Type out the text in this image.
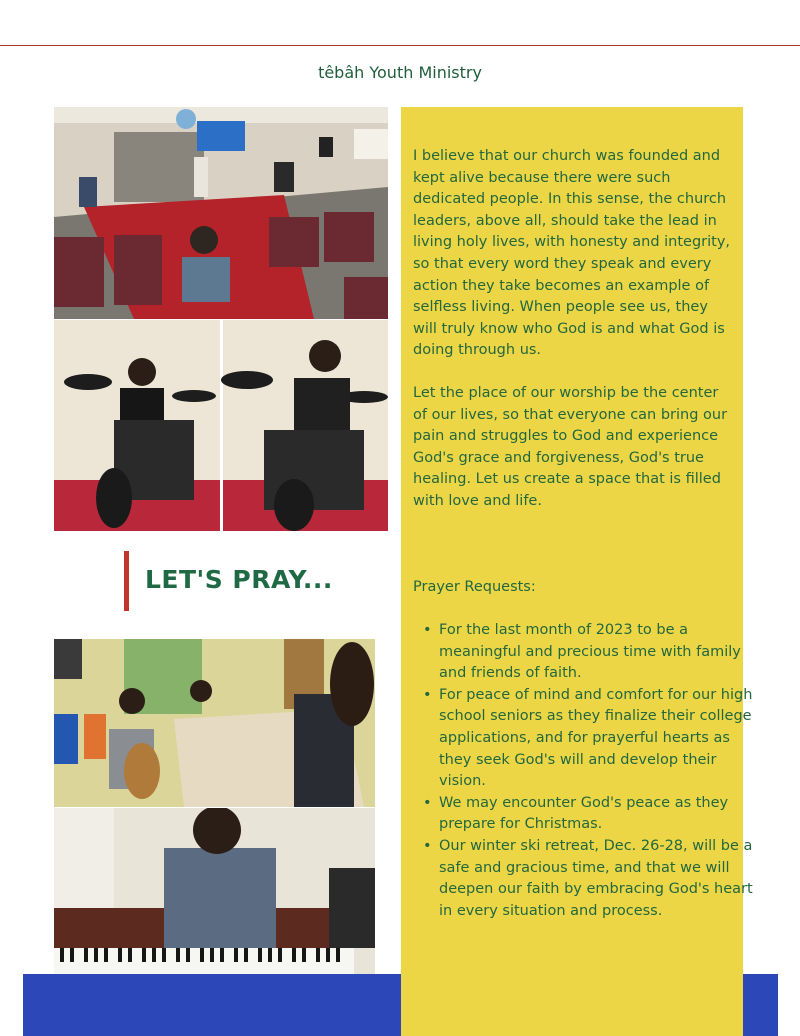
têbâh Youth Ministry
LET'S PRAY...

I believe that our church was founded and kept alive because there were such dedicated people. In this sense, the church leaders, above all, should take the lead in living holy lives, with honesty and integrity, so that every word they speak and every action they take becomes an example of selfless living. When people see us, they will truly know who God is and what God is doing through us.

Let the place of our worship be the center of our lives, so that everyone can bring our pain and struggles to God and experience God's grace and forgiveness, God's true healing. Let us create a space that is filled with love and life.

Prayer Requests:
• For the last month of 2023 to be a meaningful and precious time with family and friends of faith.
• For peace of mind and comfort for our high school seniors as they finalize their college applications, and for prayerful hearts as they seek God's will and develop their vision.
• We may encounter God's peace as they prepare for Christmas.
• Our winter ski retreat, Dec. 26-28, will be a safe and gracious time, and that we will deepen our faith by embracing God's heart in every situation and process.
